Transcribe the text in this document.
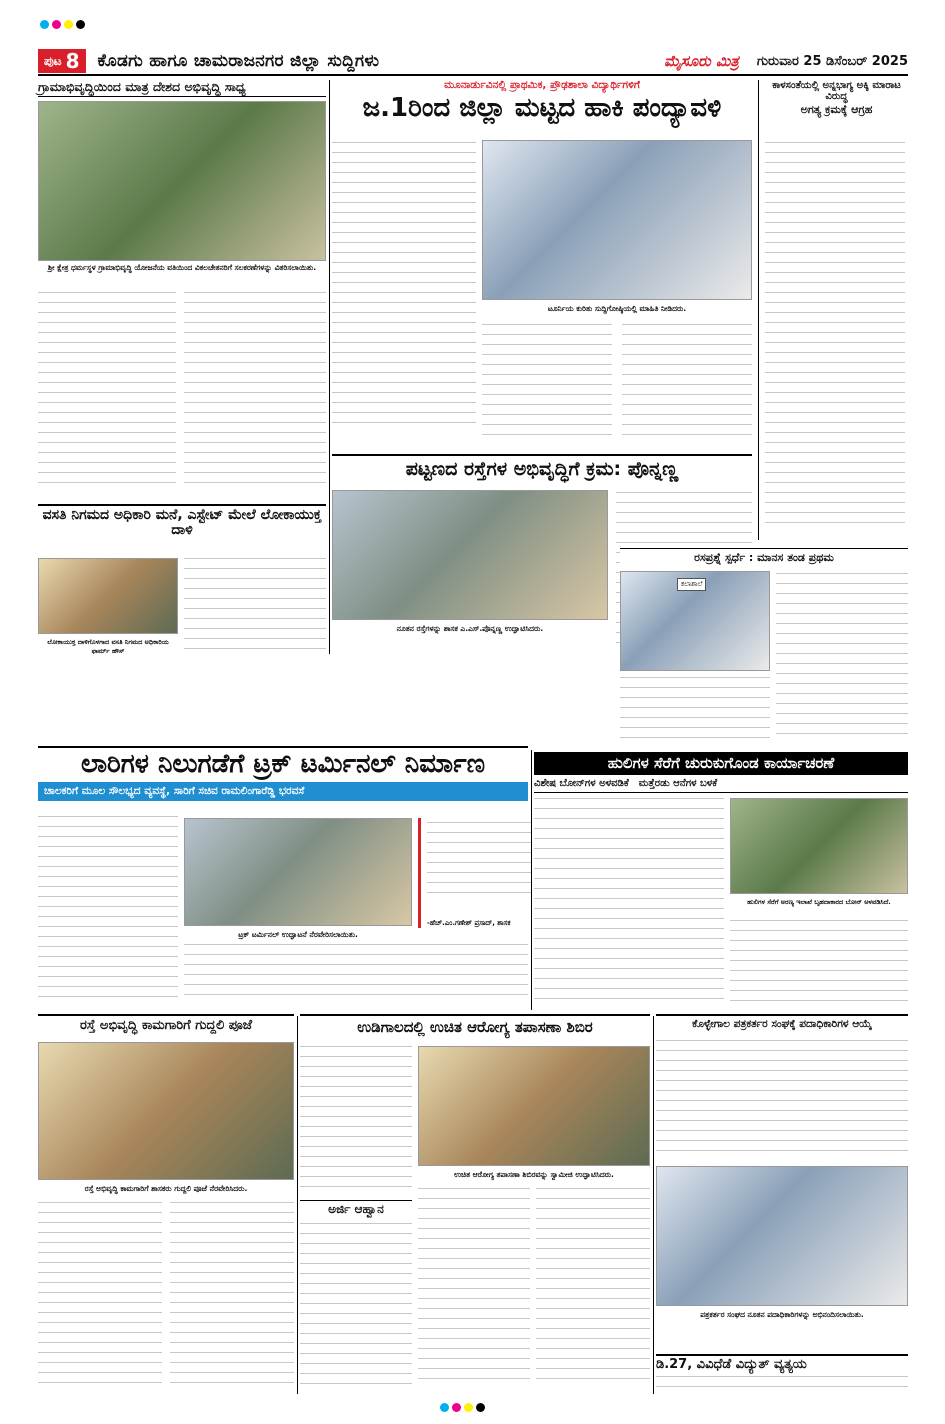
ಪುಟ 8 ಕೊಡಗು ಹಾಗೂ ಚಾಮರಾಜನಗರ ಜಿಲ್ಲಾ ಸುದ್ದಿಗಳು	ಮೈಸೂರು ಮಿತ್ರ ಗುರುವಾರ 25 ಡಿಸೆಂಬರ್ 2025
ಗ್ರಾಮಾಭಿವೃದ್ಧಿಯಿಂದ ಮಾತ್ರ ದೇಶದ ಅಭಿವೃದ್ಧಿ ಸಾಧ್ಯ
ಶ್ರೀ ಕ್ಷೇತ್ರ ಧರ್ಮಸ್ಥಳ ಗ್ರಾಮಾಭಿವೃದ್ಧಿ ಯೋಜನೆಯ ವತಿಯಿಂದ ವಿಕಲಚೇತನರಿಗೆ ಸಲಕರಣೆಗಳನ್ನು ವಿತರಿಸಲಾಯಿತು.
ಮೂನಾರ್ಡುವಿನಲ್ಲಿ ಪ್ರಾಥಮಿಕ, ಪ್ರೌಢಶಾಲಾ ವಿದ್ಯಾರ್ಥಿಗಳಿಗೆ
ಜ.1ರಿಂದ ಜಿಲ್ಲಾ ಮಟ್ಟದ ಹಾಕಿ ಪಂದ್ಯಾವಳಿ
ಟೂರ್ನಿಯ ಕುರಿತು ಸುದ್ದಿಗೋಷ್ಠಿಯಲ್ಲಿ ಮಾಹಿತಿ ನೀಡಿದರು.
ಕಾಳಸಂತೆಯಲ್ಲಿ ಅನ್ನಭಾಗ್ಯ ಅಕ್ಕಿ ಮಾರಾಟ ವಿರುದ್ಧ
ಅಗತ್ಯ ಕ್ರಮಕ್ಕೆ ಆಗ್ರಹ
ವಸತಿ ನಿಗಮದ ಅಧಿಕಾರಿ ಮನೆ, ಎಸ್ಟೇಟ್ ಮೇಲೆ ಲೋಕಾಯುಕ್ತ ದಾಳಿ
ಲೋಕಾಯುಕ್ತ ದಾಳಿಗೊಳಗಾದ ವಸತಿ ನಿಗಮದ ಅಧಿಕಾರಿಯ ಫಾರ್ಮ್ ಹೌಸ್
ಪಟ್ಟಣದ ರಸ್ತೆಗಳ ಅಭಿವೃದ್ಧಿಗೆ ಕ್ರಮ: ಪೊನ್ನಣ್ಣ
ನೂತನ ರಸ್ತೆಗಳನ್ನು ಶಾಸಕ ಎ.ಎಸ್.ಪೊನ್ನಣ್ಣ ಉದ್ಘಾಟಿಸಿದರು.
ರಸಪ್ರಶ್ನೆ ಸ್ಪರ್ಧೆ : ಮಾನಸ ತಂಡ ಪ್ರಥಮ
ಕಲಾಶಾಲೆ
ಲಾರಿಗಳ ನಿಲುಗಡೆಗೆ ಟ್ರಕ್ ಟರ್ಮಿನಲ್ ನಿರ್ಮಾಣ
ಚಾಲಕರಿಗೆ ಮೂಲ ಸೌಲಭ್ಯದ ವ್ಯವಸ್ಥೆ, ಸಾರಿಗೆ ಸಚಿವ ರಾಮಲಿಂಗಾರೆಡ್ಡಿ ಭರವಸೆ
ಟ್ರಕ್ ಟರ್ಮಿನಲ್ ಉದ್ಘಾಟನೆ ನೆರವೇರಿಸಲಾಯಿತು.
-ಹೆಚ್.ಎಂ.ಗಣೇಶ್ ಪ್ರಸಾದ್, ಶಾಸಕ
ಹುಲಿಗಳ ಸೆರೆಗೆ ಚುರುಕುಗೊಂಡ ಕಾರ್ಯಾಚರಣೆ
ವಿಶೇಷ ಬೋನ್‌ಗಳ ಅಳವಡಿಕೆ ಮತ್ತೆರಡು ಆನೆಗಳ ಬಳಕೆ
ಹುಲಿಗಳ ಸೆರೆಗೆ ಅರಣ್ಯ ಇಲಾಖೆ ಬೃಹದಾಕಾರದ ಬೋನ್ ಅಳವಡಿಸಿದೆ.
ರಸ್ತೆ ಅಭಿವೃದ್ಧಿ ಕಾಮಗಾರಿಗೆ ಗುದ್ದಲಿ ಪೂಜೆ
ರಸ್ತೆ ಅಭಿವೃದ್ಧಿ ಕಾಮಗಾರಿಗೆ ಶಾಸಕರು ಗುದ್ದಲಿ ಪೂಜೆ ನೆರವೇರಿಸಿದರು.
ಉಡಿಗಾಲದಲ್ಲಿ ಉಚಿತ ಆರೋಗ್ಯ ತಪಾಸಣಾ ಶಿಬಿರ
ಉಚಿತ ಆರೋಗ್ಯ ತಪಾಸಣಾ ಶಿಬಿರವನ್ನು ಸ್ವಾಮೀಜಿ ಉದ್ಘಾಟಿಸಿದರು.
ಅರ್ಜಿ ಆಹ್ವಾನ
ಕೊಳ್ಳೇಗಾಲ ಪತ್ರಕರ್ತರ ಸಂಘಕ್ಕೆ ಪದಾಧಿಕಾರಿಗಳ ಆಯ್ಕೆ
ಪತ್ರಕರ್ತರ ಸಂಘದ ನೂತನ ಪದಾಧಿಕಾರಿಗಳನ್ನು ಅಭಿನಂದಿಸಲಾಯಿತು.
ಡಿ.27, ವಿವಿಧೆಡೆ ವಿದ್ಯುತ್ ವ್ಯತ್ಯಯ
